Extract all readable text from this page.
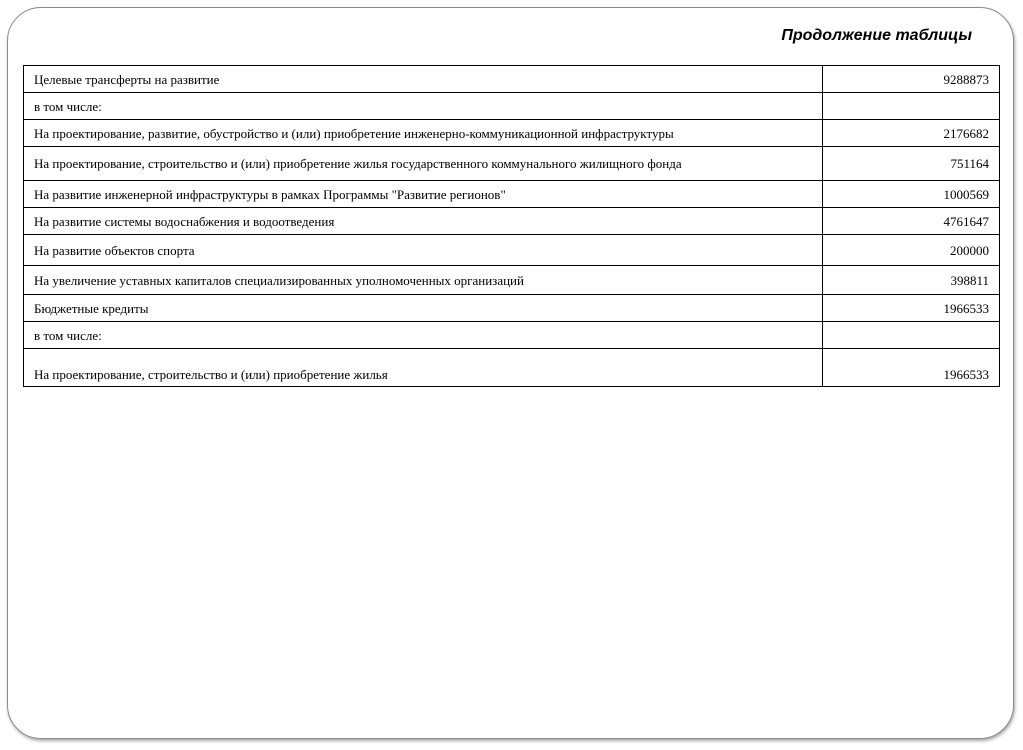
Продолжение таблицы
Целевые трансферты на развитие	9288873
в том числе:	
На проектирование, развитие, обустройство и (или) приобретение инженерно-коммуникационной инфраструктуры	2176682
На проектирование, строительство и (или) приобретение жилья государственного коммунального жилищного фонда	751164
На развитие инженерной инфраструктуры в рамках Программы "Развитие регионов"	1000569
На развитие системы водоснабжения и водоотведения	4761647
На развитие объектов спорта	200000
На увеличение уставных капиталов специализированных уполномоченных организаций	398811
Бюджетные кредиты	1966533
в том числе:	
На проектирование, строительство и (или) приобретение жилья	1966533
